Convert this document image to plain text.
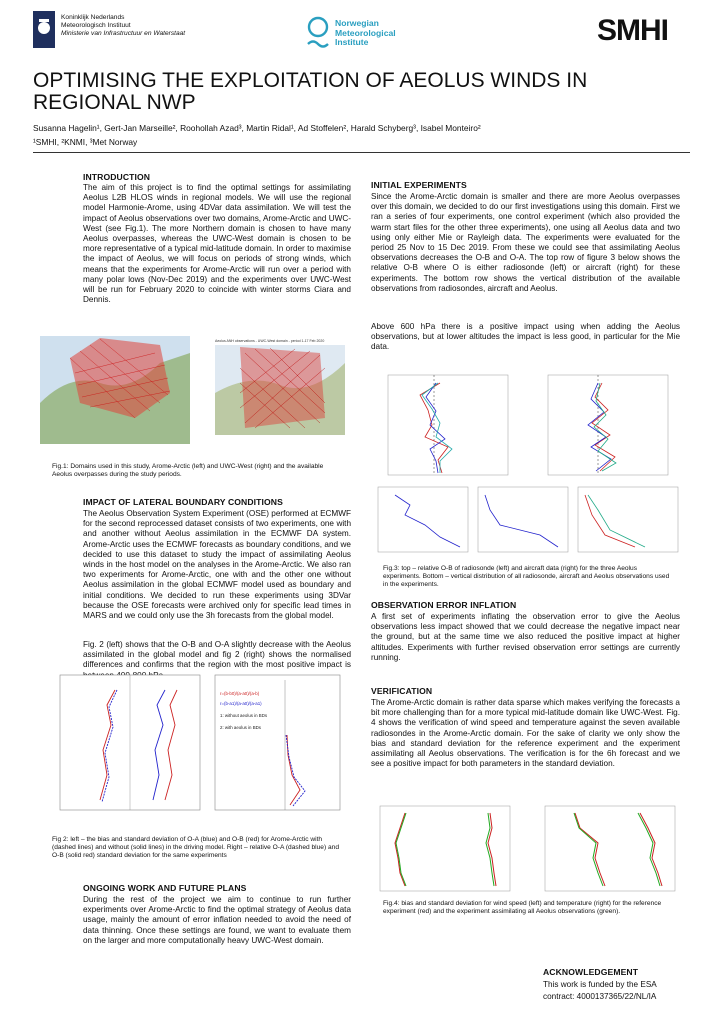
Koninklijk Nederlands
Meteorologisch Instituut
Ministerie van Infrastructuur en Waterstaat
Norwegian
Meteorological
Institute	SMHI
OPTIMISING THE EXPLOITATION OF AEOLUS WINDS IN
REGIONAL NWP
Susanna Hagelin¹, Gert-Jan Marseille², Roohollah Azad³, Martin Ridal¹, Ad Stoffelen², Harald Schyberg³, Isabel Monteiro²
¹SMHI, ²KNMI, ³Met Norway
INTRODUCTION
The aim of this project is to find the optimal settings for assimilating Aeolus L2B HLOS winds in regional models. We will use the regional model Harmonie-Arome, using 4DVar data assimilation. We will test the impact of Aeolus observations over two domains, Arome-Arctic and UWC-West (see Fig.1). The more Northern domain is chosen to have many Aeolus overpasses, whereas the UWC-West domain is chosen to be more representative of a typical mid-latitude domain. In order to maximise the impact of Aeolus, we will focus on periods of strong winds, which means that the experiments for Arome-Arctic will run over a period with many polar lows (Nov-Dec 2019) and the experiments over UWC-West will be run for February 2020 to coincide with winter storms Ciara and Dennis.
Aeolus ANH observations - UWC-West domain - period 1-17 Feb 2020
Fig.1: Domains used in this study, Arome-Arctic (left) and UWC-West (right) and the available Aeolus overpasses during the study periods.
IMPACT OF LATERAL BOUNDARY CONDITIONS
The Aeolus Observation System Experiment (OSE) performed at ECMWF for the second reprocessed dataset consists of two experiments, one with and another without Aeolus assimilation in the ECMWF DA system. Arome-Arctic uses the ECMWF forecasts as boundary conditions, and we decided to use this dataset to study the impact of assimilating Aeolus winds in the host model on the analyses in the Arome-Arctic. We also ran two experiments for Arome-Arctic, one with and the other one without Aeolus assimilation in the global ECMWF model used as boundary and initial conditions. We decided to run these experiments using 3DVar because the OSE forecasts were archived only for specific lead times in MARS and we could only use the 3h forecasts from the global model.
Fig. 2 (left) shows that the O-B and O-A slightly decrease with the Aeolus assimilated in the global model and fig 2 (right) shows the normalised differences and confirms that the region with the most positive impact is
r=(b-b0)/(a-a0)/(a-b)
r=(b-a1)/(a-a0)/(a-a1)
1: without aeolus in BDs
2: with aeolus in BDs
Fig 2: left – the bias and standard deviation of O-A (blue) and O-B (red) for Arome-Arctic with (dashed lines) and without (solid lines) in the driving model. Right – relative O-A (dashed blue) and O-B (solid red) standard deviation for the same experiments
ONGOING WORK AND FUTURE PLANS
During the rest of the project we aim to continue to run further experiments over Arome-Arctic to find the optimal strategy of Aeolus data usage, mainly the amount of error inflation needed to avoid the need of data thinning. Once these settings are found, we want to evaluate them on the larger and more computationally heavy UWC-West domain.
INITIAL EXPERIMENTS
Since the Arome-Arctic domain is smaller and there are more Aeolus overpasses over this domain, we decided to do our first investigations using this domain. First we ran a series of four experiments, one control experiment (which also provided the warm start files for the other three experiments), one using all Aeolus data and two using only either Mie or Rayleigh data. The experiments were evaluated for the period 25 Nov to 15 Dec 2019. From these we could see that assimilating Aeolus observations decreases the O-B and O-A. The top row of figure 3 below shows the relative O-B where O is either radiosonde (left) or aircraft (right) for these experiments. The bottom row shows the vertical distribution of the available observations from radiosondes, aircraft and Aeolus.
Above 600 hPa there is a positive impact using when adding the Aeolus observations, but at lower altitudes the impact is less good, in particular for the Mie data.
Fig.3: top – relative O-B of radiosonde (left) and aircraft data (right) for the three Aeolus experiments. Bottom – vertical distribution of all radiosonde, aircraft and Aeolus observations used in the experiments.
OBSERVATION ERROR INFLATION
A first set of experiments inflating the observation error to give the Aeolus observations less impact showed that we could decrease the negative impact near the ground, but at the same time we also reduced the positive impact at higher altitudes. Experiments with further revised observation error settings are currently running.
VERIFICATION
The Arome-Arctic domain is rather data sparse which makes verifying the forecasts a bit more challenging than for a more typical mid-latitude domain like UWC-West. Fig. 4 shows the verification of wind speed and temperature against the seven available radiosondes in the Arome-Arctic domain. For the sake of clarity we only show the bias and standard deviation for the reference experiment and the experiment assimilating all Aeolus observations. The verification is for the 6h forecast and we see a positive impact for both parameters in the standard deviation.
Fig.4: bias and standard deviation for wind speed (left) and temperature (right) for the reference experiment (red) and the experiment assimilating all Aeolus observations (green).
ACKNOWLEDGEMENT
This work is funded by the ESA
contract: 4000137365/22/NL/IA
